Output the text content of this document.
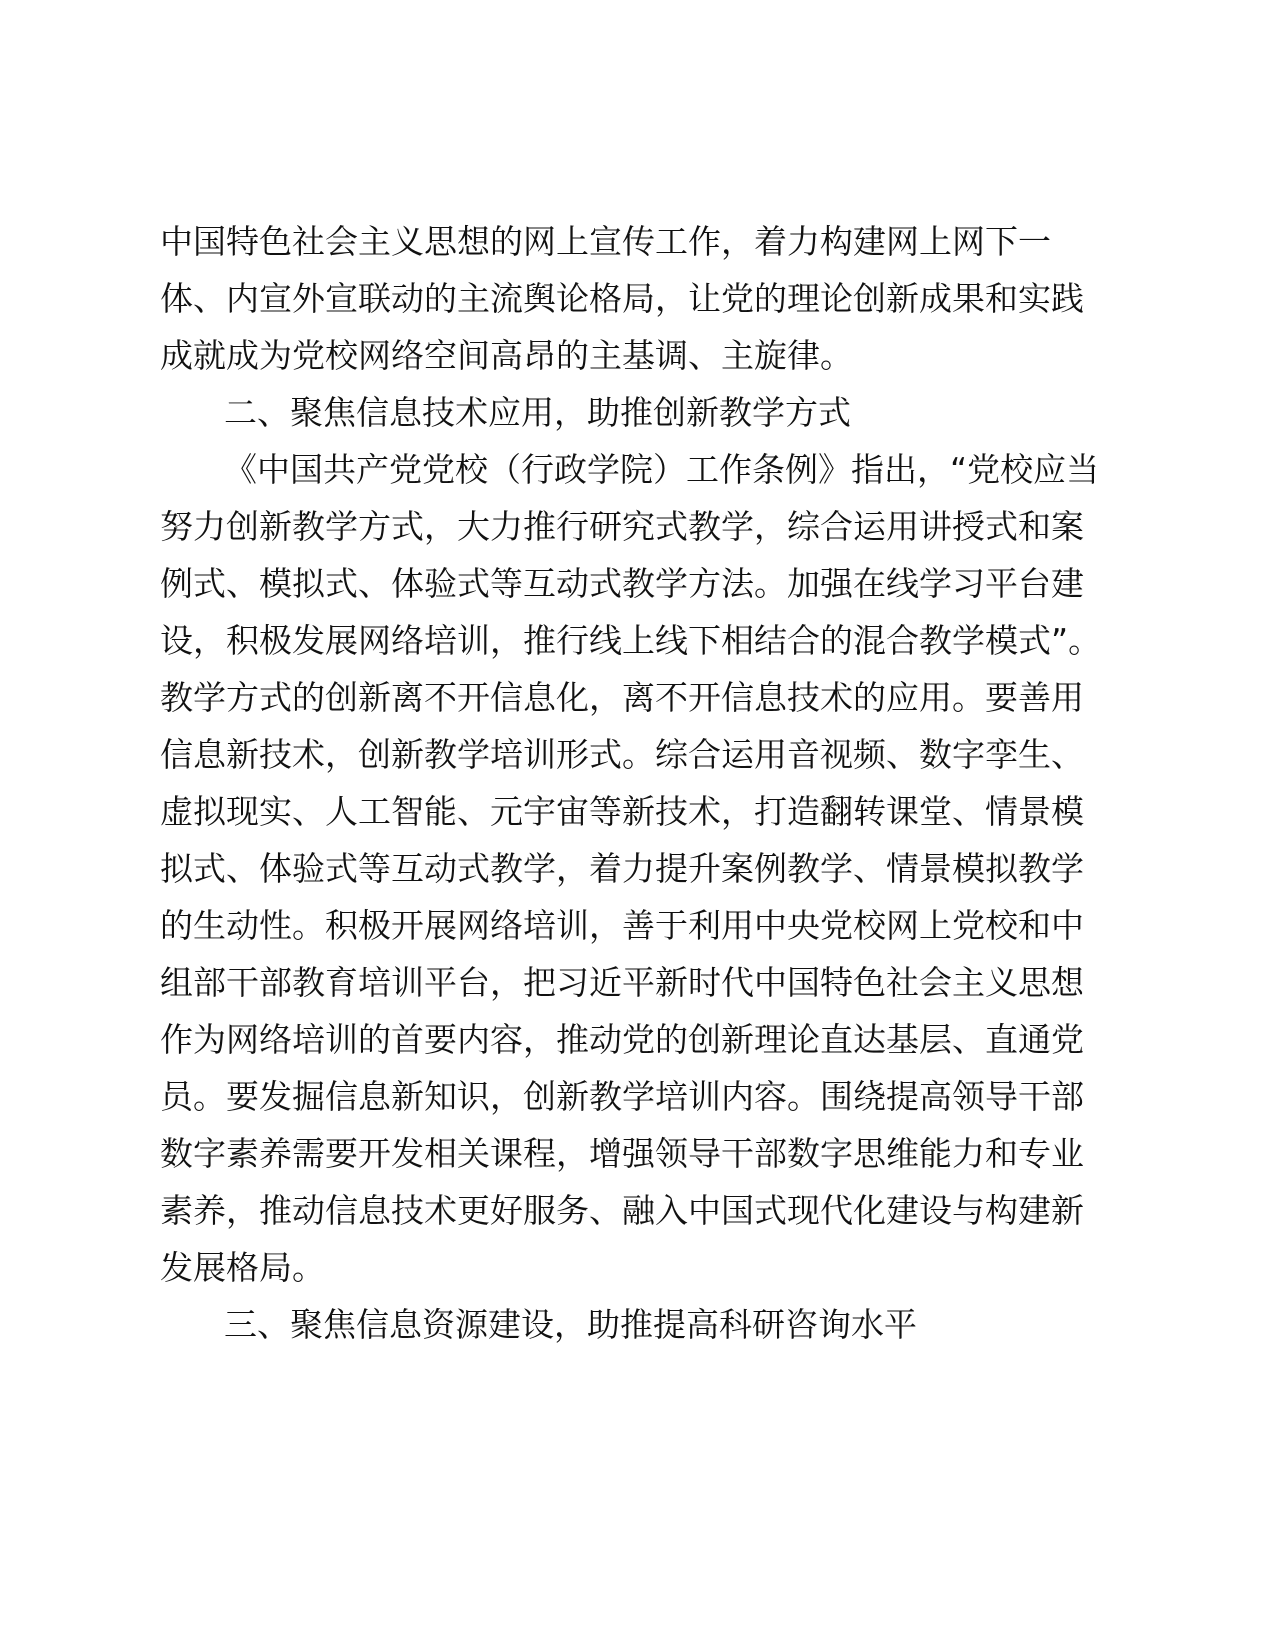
中国特色社会主义思想的网上宣传工作，着力构建网上网下一
体、内宣外宣联动的主流舆论格局，让党的理论创新成果和实践
成就成为党校网络空间高昂的主基调、主旋律。
二、聚焦信息技术应用，助推创新教学方式
《中国共产党党校（行政学院）工作条例》指出，“党校应当
努力创新教学方式，大力推行研究式教学，综合运用讲授式和案
例式、模拟式、体验式等互动式教学方法。加强在线学习平台建
设，积极发展网络培训，推行线上线下相结合的混合教学模式”。
教学方式的创新离不开信息化，离不开信息技术的应用。要善用
信息新技术，创新教学培训形式。综合运用音视频、数字孪生、
虚拟现实、人工智能、元宇宙等新技术，打造翻转课堂、情景模
拟式、体验式等互动式教学，着力提升案例教学、情景模拟教学
的生动性。积极开展网络培训，善于利用中央党校网上党校和中
组部干部教育培训平台，把习近平新时代中国特色社会主义思想
作为网络培训的首要内容，推动党的创新理论直达基层、直通党
员。要发掘信息新知识，创新教学培训内容。围绕提高领导干部
数字素养需要开发相关课程，增强领导干部数字思维能力和专业
素养，推动信息技术更好服务、融入中国式现代化建设与构建新
发展格局。
三、聚焦信息资源建设，助推提高科研咨询水平
